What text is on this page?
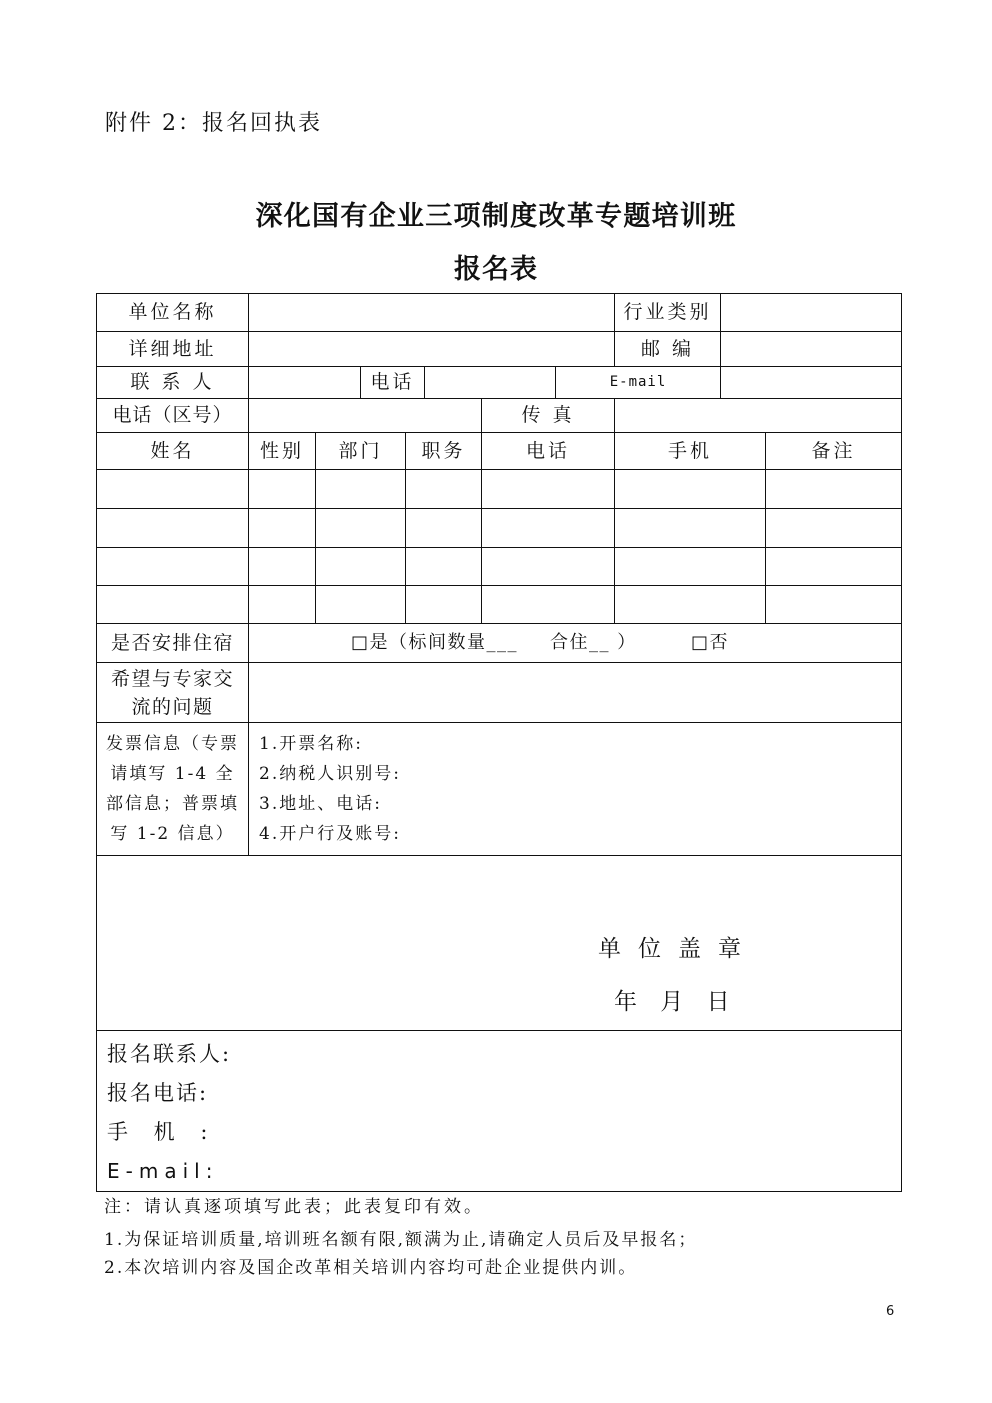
附件 2：报名回执表
深化国有企业三项制度改革专题培训班
报名表
单位名称								行业类别		
详细地址								邮 编		
联 系 人			电话				E-mail			
电话（区号）						传 真				
姓名	性别	部门		职务		电话		手机		备注

是否安排住宿	□是（标间数量___ 合住__ ） □否									

希望与专家交
流的问题										

发票信息（专票
请填写 1-4 全
部信息；普票填
写 1-2 信息）	1.开票名称:
2.纳税人识别号:
3.地址、电话:
4.开户行及账号:									

单位盖章
年 月 日										

报名联系人:
报名电话:
手 机 :
E-mail:										
注：请认真逐项填写此表；此表复印有效。
1.为保证培训质量,培训班名额有限,额满为止,请确定人员后及早报名；
2.本次培训内容及国企改革相关培训内容均可赴企业提供内训。
6
